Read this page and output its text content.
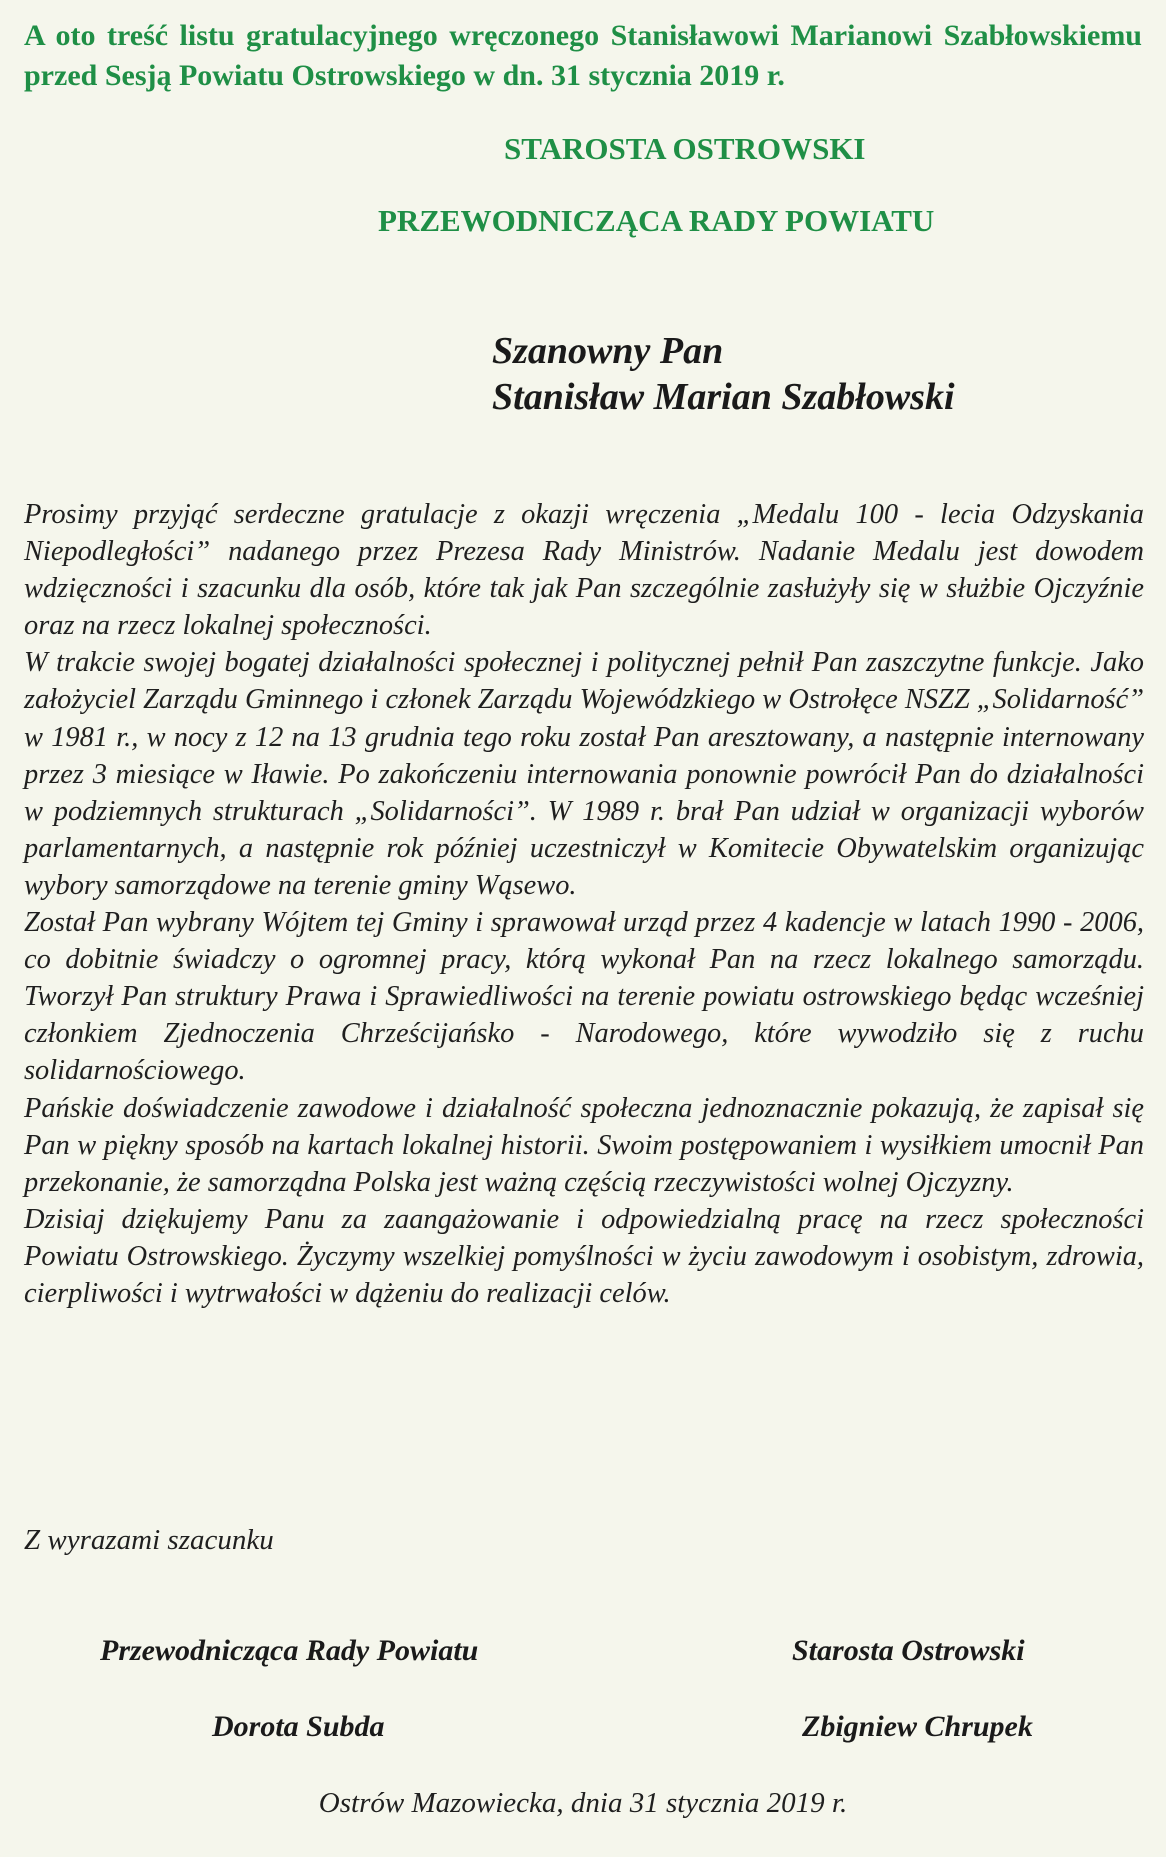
A oto treść listu gratulacyjnego wręczonego Stanisławowi Marianowi Szabłowskiemu przed Sesją Powiatu Ostrowskiego w dn. 31 stycznia 2019 r.

STAROSTA OSTROWSKI

PRZEWODNICZĄCA RADY POWIATU

Szanowny Pan
Stanisław Marian Szabłowski

Prosimy przyjąć serdeczne gratulacje z okazji wręczenia „Medalu 100 - lecia Odzyskania Niepodległości” nadanego przez Prezesa Rady Ministrów. Nadanie Medalu jest dowodem wdzięczności i szacunku dla osób, które tak jak Pan szczególnie zasłużyły się w służbie Ojczyźnie oraz na rzecz lokalnej społeczności.

W trakcie swojej bogatej działalności społecznej i politycznej pełnił Pan zaszczytne funkcje. Jako założyciel Zarządu Gminnego i członek Zarządu Wojewódzkiego w Ostrołęce NSZZ „Solidarność” w 1981 r., w nocy z 12 na 13 grudnia tego roku został Pan aresztowany, a następnie internowany przez 3 miesiące w Iławie. Po zakończeniu internowania ponownie powrócił Pan do działalności w podziemnych strukturach „Solidarności”. W 1989 r. brał Pan udział w organizacji wyborów parlamentarnych, a następnie rok później uczestniczył w Komitecie Obywatelskim organizując wybory samorządowe na terenie gminy Wąsewo.

Został Pan wybrany Wójtem tej Gminy i sprawował urząd przez 4 kadencje w latach 1990 - 2006, co dobitnie świadczy o ogromnej pracy, którą wykonał Pan na rzecz lokalnego samorządu. Tworzył Pan struktury Prawa i Sprawiedliwości na terenie powiatu ostrowskiego będąc wcześniej członkiem Zjednoczenia Chrześcijańsko - Narodowego, które wywodziło się z ruchu solidarnościowego.

Pańskie doświadczenie zawodowe i działalność społeczna jednoznacznie pokazują, że zapisał się Pan w piękny sposób na kartach lokalnej historii. Swoim postępowaniem i wysiłkiem umocnił Pan przekonanie, że samorządna Polska jest ważną częścią rzeczywistości wolnej Ojczyzny.

Dzisiaj dziękujemy Panu za zaangażowanie i odpowiedzialną pracę na rzecz społeczności Powiatu Ostrowskiego. Życzymy wszelkiej pomyślności w życiu zawodowym i osobistym, zdrowia, cierpliwości i wytrwałości w dążeniu do realizacji celów.

Z wyrazami szacunku

Przewodnicząca Rady Powiatu

Dorota Subda

Starosta Ostrowski

Zbigniew Chrupek

Ostrów Mazowiecka, dnia 31 stycznia 2019 r.
